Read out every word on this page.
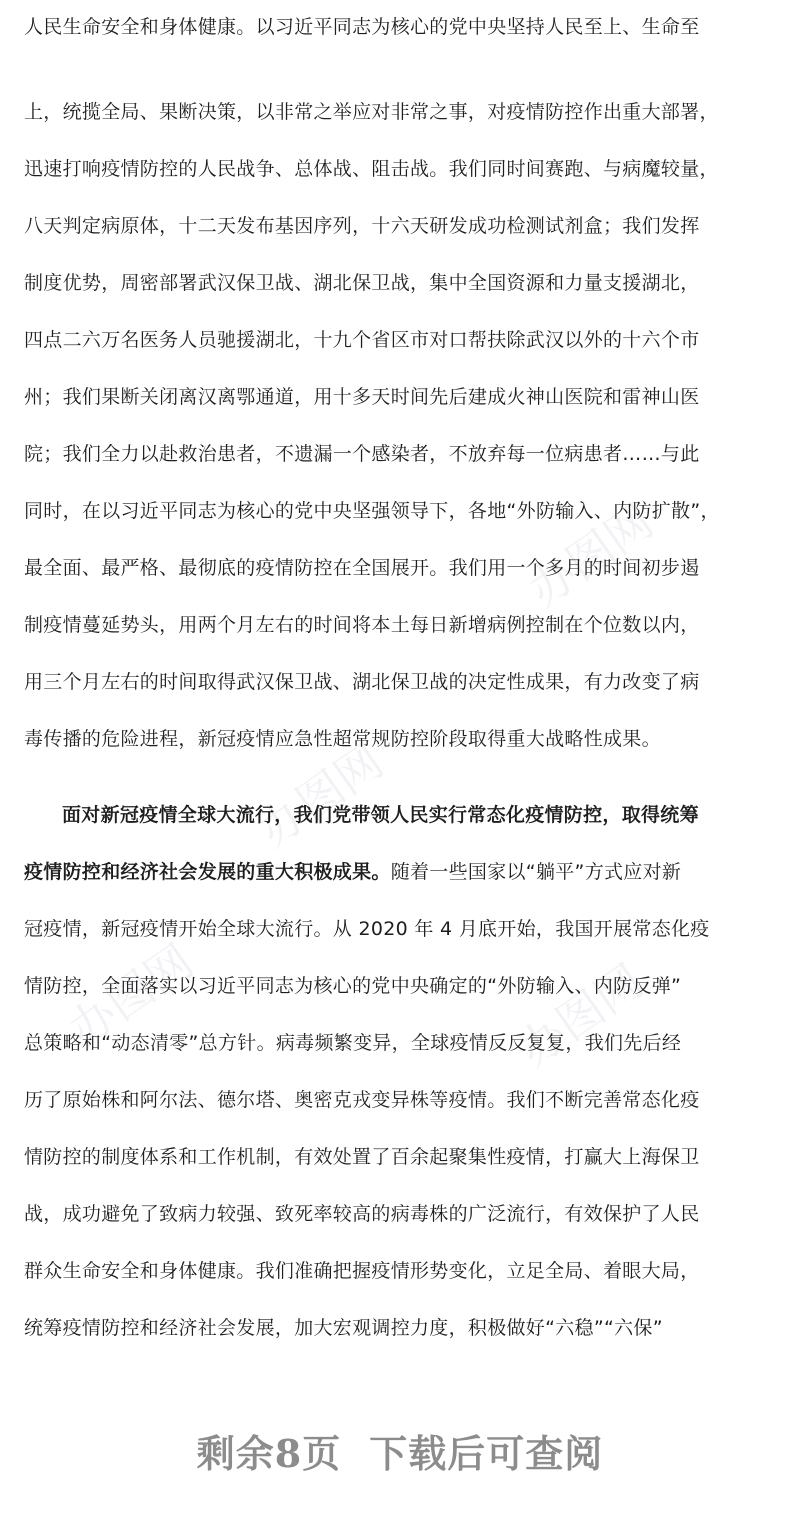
办图网
办图网
办图网	办图网
人民生命安全和身体健康。以习近平同志为核心的党中央坚持人民至上、生命至
上，统揽全局、果断决策，以非常之举应对非常之事，对疫情防控作出重大部署，
迅速打响疫情防控的人民战争、总体战、阻击战。我们同时间赛跑、与病魔较量，
八天判定病原体，十二天发布基因序列，十六天研发成功检测试剂盒；我们发挥
制度优势，周密部署武汉保卫战、湖北保卫战，集中全国资源和力量支援湖北，
四点二六万名医务人员驰援湖北，十九个省区市对口帮扶除武汉以外的十六个市
州；我们果断关闭离汉离鄂通道，用十多天时间先后建成火神山医院和雷神山医
院；我们全力以赴救治患者，不遗漏一个感染者，不放弃每一位病患者……与此
同时，在以习近平同志为核心的党中央坚强领导下，各地“外防输入、内防扩散”，
最全面、最严格、最彻底的疫情防控在全国展开。我们用一个多月的时间初步遏
制疫情蔓延势头，用两个月左右的时间将本土每日新增病例控制在个位数以内，
用三个月左右的时间取得武汉保卫战、湖北保卫战的决定性成果，有力改变了病
毒传播的危险进程，新冠疫情应急性超常规防控阶段取得重大战略性成果。
面对新冠疫情全球大流行，我们党带领人民实行常态化疫情防控，取得统筹
疫情防控和经济社会发展的重大积极成果。随着一些国家以“躺平”方式应对新
冠疫情，新冠疫情开始全球大流行。从 2020 年 4 月底开始，我国开展常态化疫
情防控，全面落实以习近平同志为核心的党中央确定的“外防输入、内防反弹”
总策略和“动态清零”总方针。病毒频繁变异，全球疫情反反复复，我们先后经
历了原始株和阿尔法、德尔塔、奥密克戎变异株等疫情。我们不断完善常态化疫
情防控的制度体系和工作机制，有效处置了百余起聚集性疫情，打赢大上海保卫
战，成功避免了致病力较强、致死率较高的病毒株的广泛流行，有效保护了人民
群众生命安全和身体健康。我们准确把握疫情形势变化，立足全局、着眼大局，
统筹疫情防控和经济社会发展，加大宏观调控力度，积极做好“六稳”“六保”
剩余8页 下载后可查阅
